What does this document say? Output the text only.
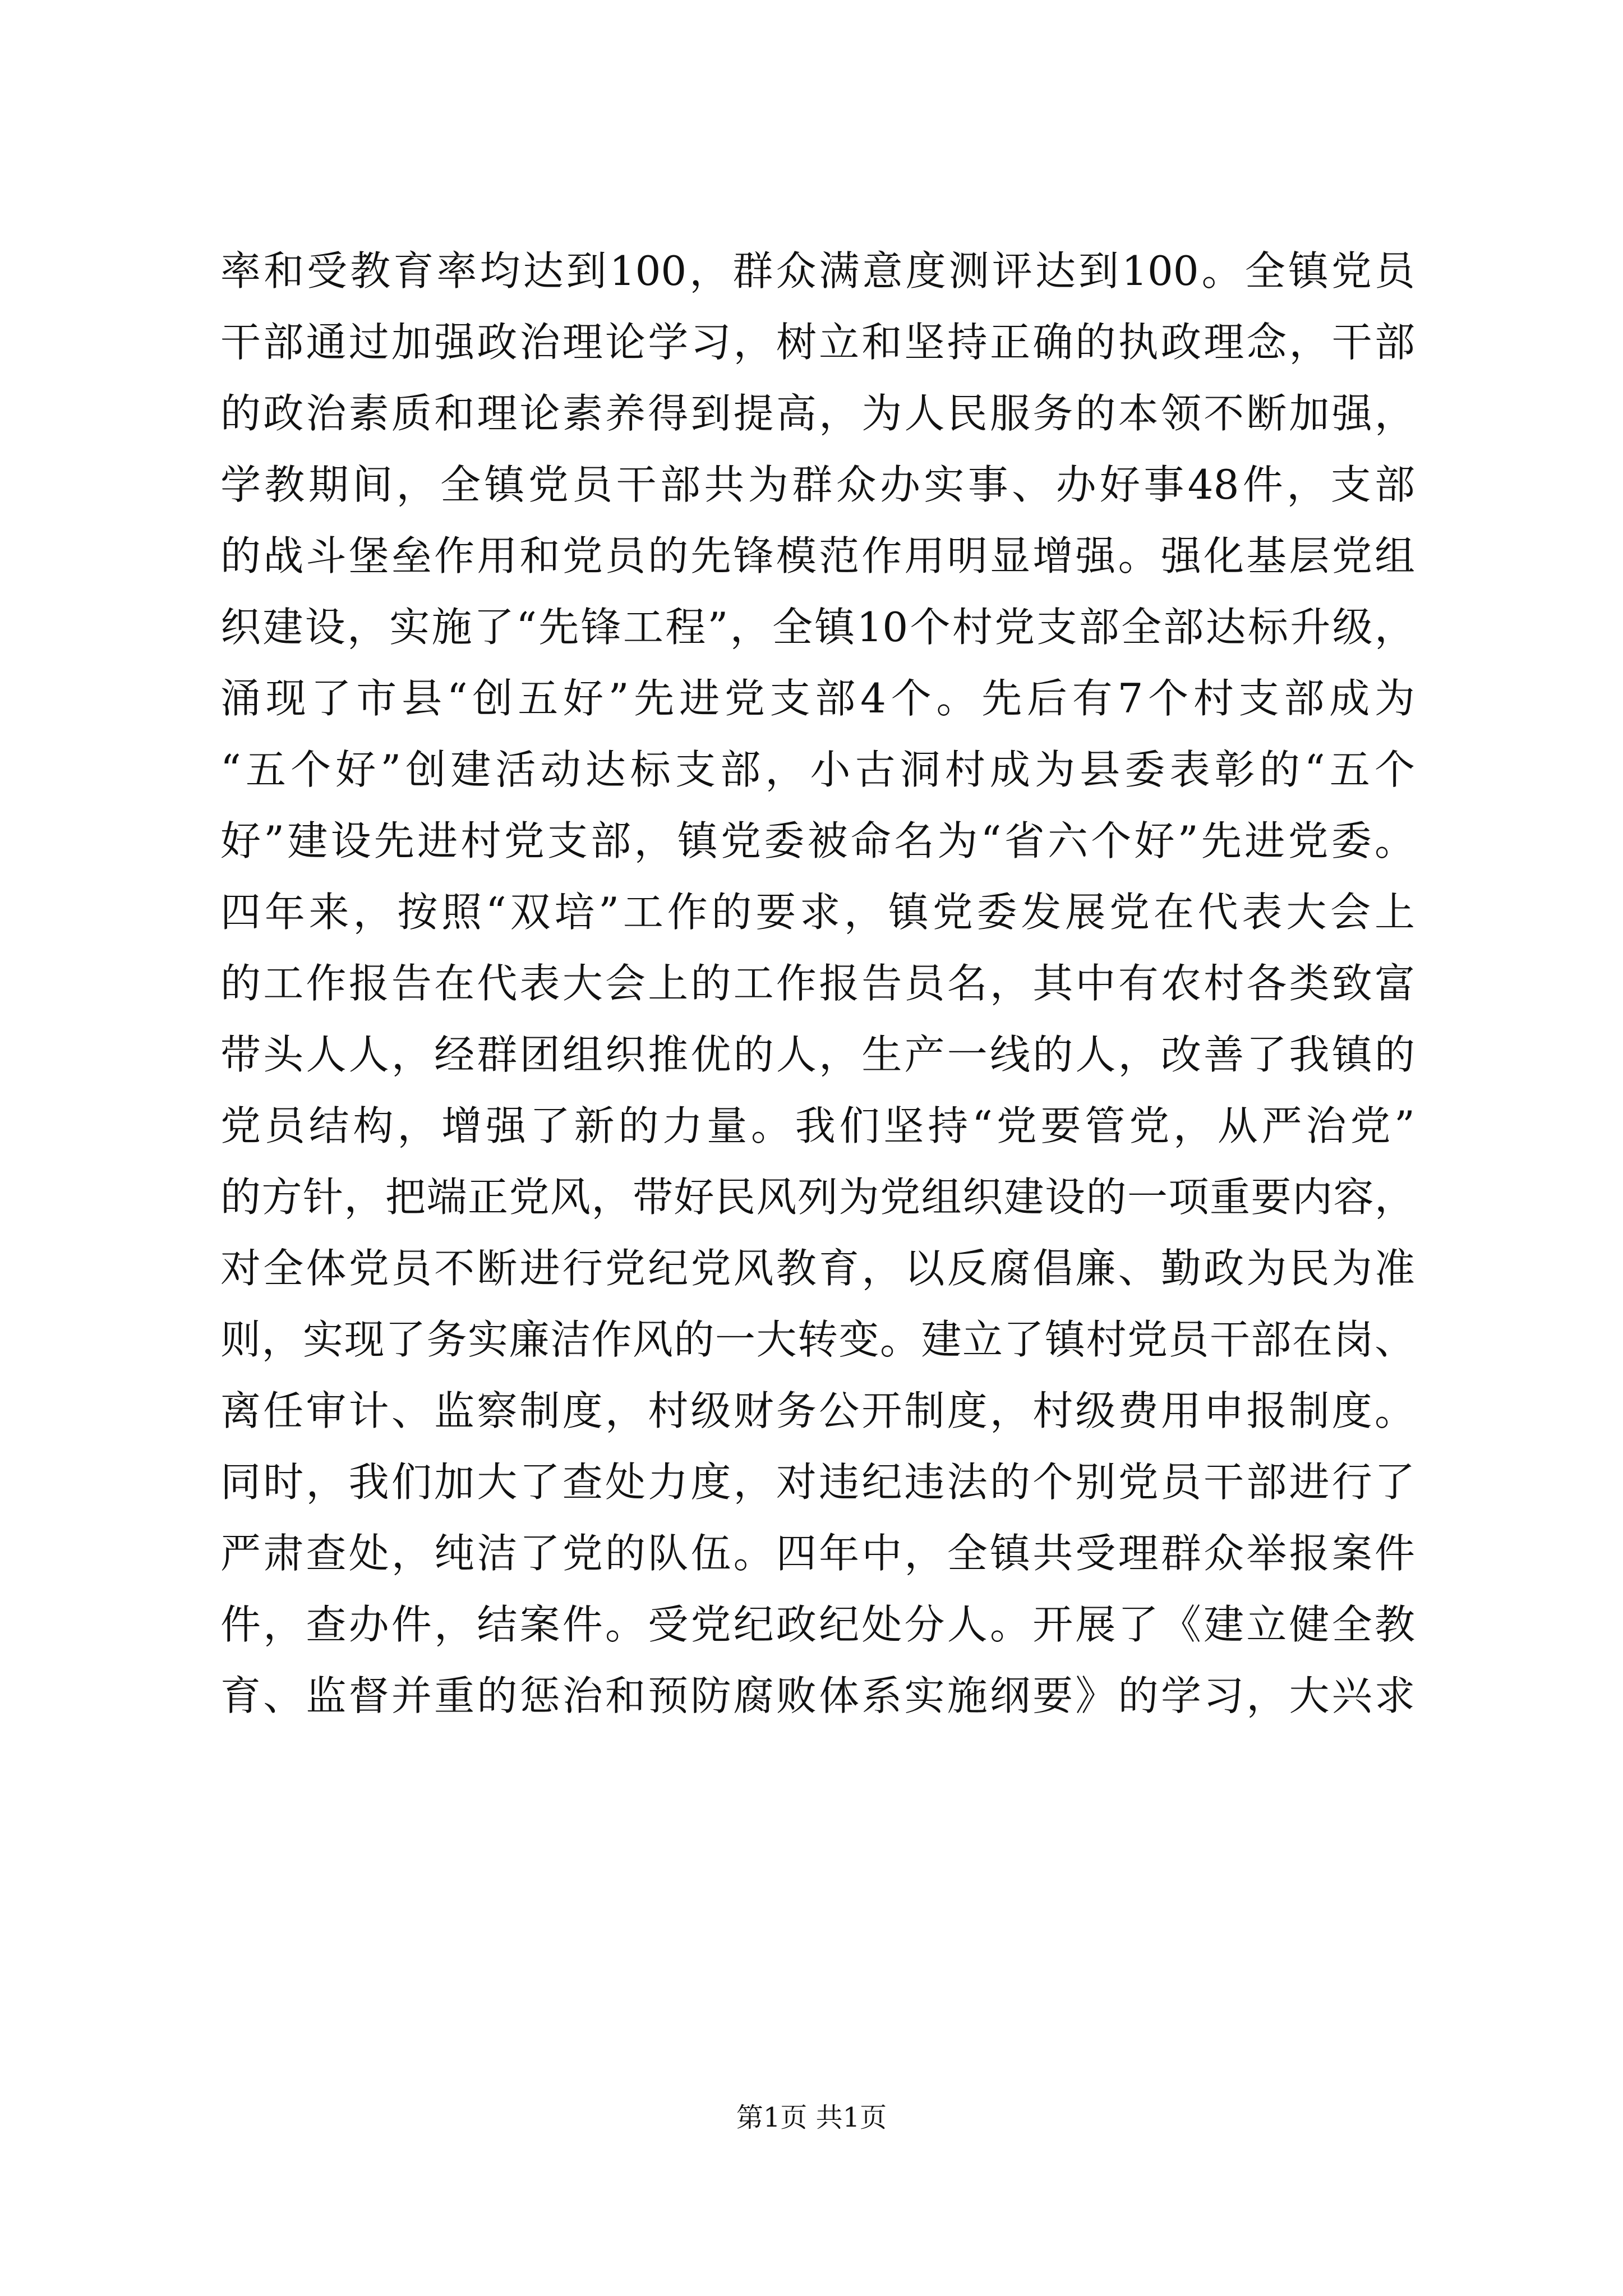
率和受教育率均达到100，群众满意度测评达到100。全镇党员
干部通过加强政治理论学习，树立和坚持正确的执政理念，干部
的政治素质和理论素养得到提高，为人民服务的本领不断加强，
学教期间，全镇党员干部共为群众办实事、办好事48件，支部
的战斗堡垒作用和党员的先锋模范作用明显增强。强化基层党组
织建设，实施了“先锋工程”，全镇10个村党支部全部达标升级，
涌现了市县“创五好”先进党支部4个。先后有7个村支部成为
“五个好”创建活动达标支部，小古洞村成为县委表彰的“五个
好”建设先进村党支部，镇党委被命名为“省六个好”先进党委。
四年来，按照“双培”工作的要求，镇党委发展党在代表大会上
的工作报告在代表大会上的工作报告员名，其中有农村各类致富
带头人人，经群团组织推优的人，生产一线的人，改善了我镇的
党员结构，增强了新的力量。我们坚持“党要管党，从严治党”
的方针，把端正党风，带好民风列为党组织建设的一项重要内容，
对全体党员不断进行党纪党风教育，以反腐倡廉、勤政为民为准
则，实现了务实廉洁作风的一大转变。建立了镇村党员干部在岗、
离任审计、监察制度，村级财务公开制度，村级费用申报制度。
同时，我们加大了查处力度，对违纪违法的个别党员干部进行了
严肃查处，纯洁了党的队伍。四年中，全镇共受理群众举报案件
件，查办件，结案件。受党纪政纪处分人。开展了《建立健全教
育、监督并重的惩治和预防腐败体系实施纲要》的学习，大兴求
第1页 共1页
